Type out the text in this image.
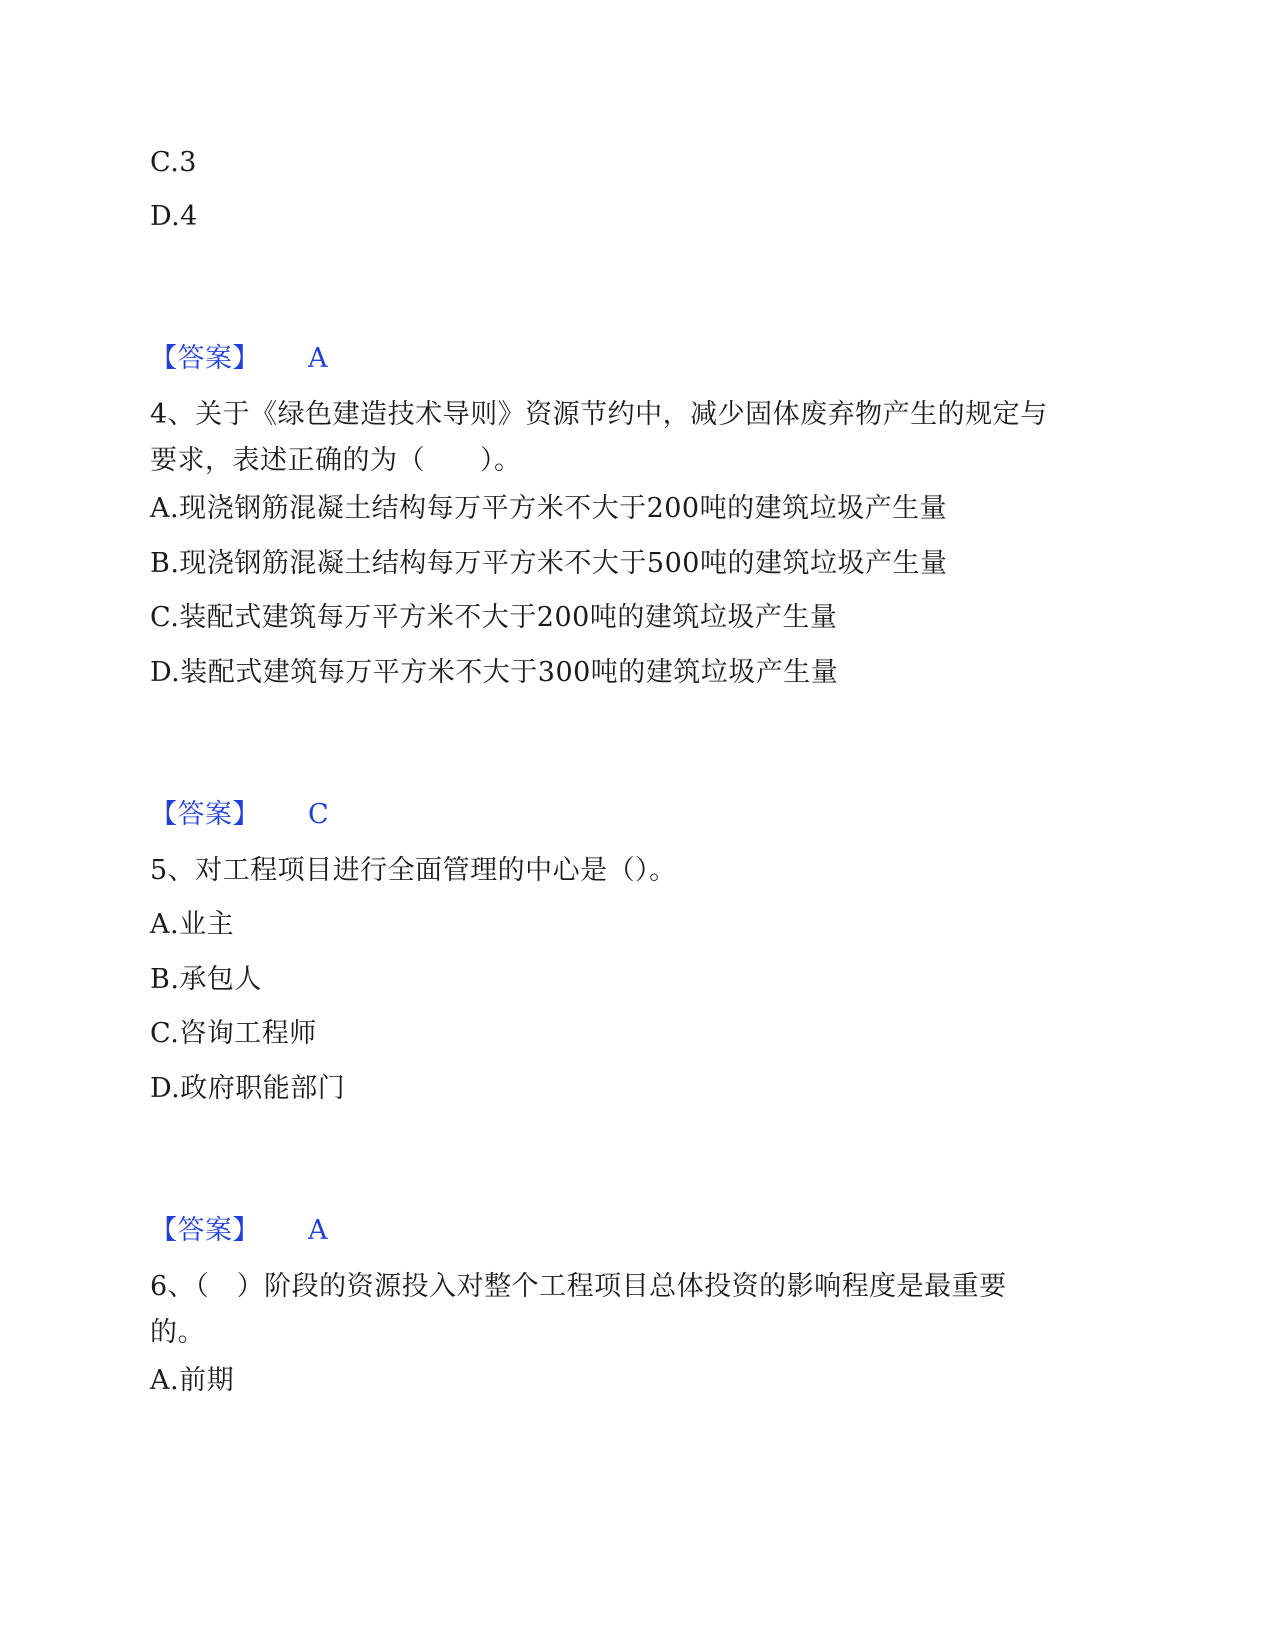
C.3
D.4
【答案】 A
4、关于《绿色建造技术导则》资源节约中，减少固体废弃物产生的规定与要求，表述正确的为（　　）。
A.现浇钢筋混凝土结构每万平方米不大于200吨的建筑垃圾产生量
B.现浇钢筋混凝土结构每万平方米不大于500吨的建筑垃圾产生量
C.装配式建筑每万平方米不大于200吨的建筑垃圾产生量
D.装配式建筑每万平方米不大于300吨的建筑垃圾产生量
【答案】 C
5、对工程项目进行全面管理的中心是（）。
A.业主
B.承包人
C.咨询工程师
D.政府职能部门
【答案】 A
6、（　）阶段的资源投入对整个工程项目总体投资的影响程度是最重要的。
A.前期
